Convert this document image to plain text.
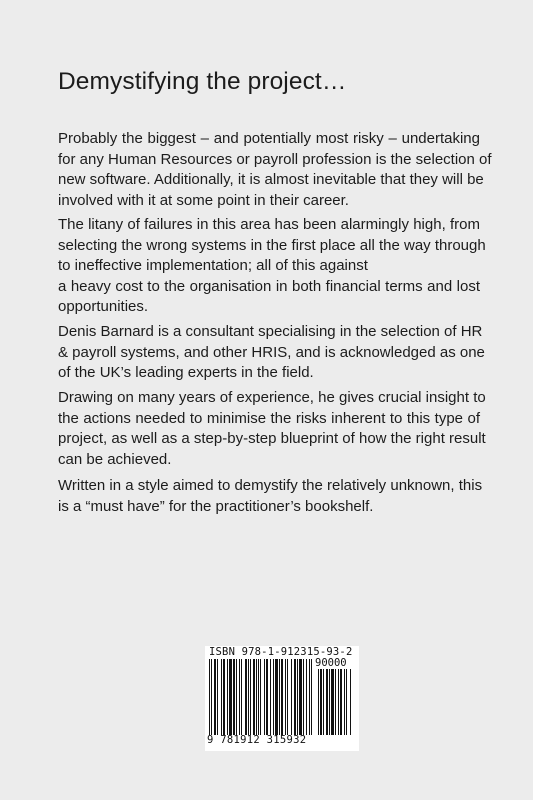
Demystifying the project…

Probably the biggest – and potentially most risky – undertaking
for any Human Resources or payroll profession is the selection of
new software. Additionally, it is almost inevitable that they will be
involved with it at some point in their career.

The litany of failures in this area has been alarmingly high, from
selecting the wrong systems in the first place all the way through
to ineffective implementation; all of this against
a heavy cost to the organisation in both financial terms and lost
opportunities.

Denis Barnard is a consultant specialising in the selection of HR
& payroll systems, and other HRIS, and is acknowledged as one
of the UK’s leading experts in the field.

Drawing on many years of experience, he gives crucial insight to
the actions needed to minimise the risks inherent to this type of
project, as well as a step-by-step blueprint of how the right result
can be achieved.

Written in a style aimed to demystify the relatively unknown, this
is a “must have” for the practitioner’s bookshelf.

ISBN 978-1-912315-93-2
90000
9 781912 315932
